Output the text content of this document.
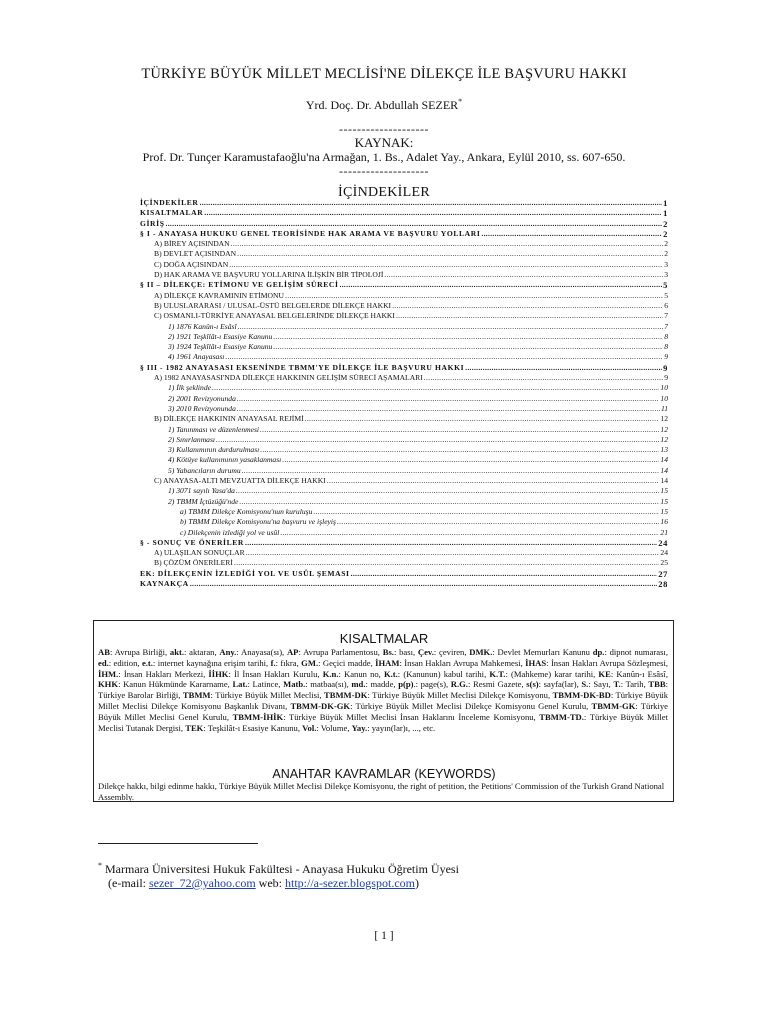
TÜRKİYE BÜYÜK MİLLET MECLİSİ'NE DİLEKÇE İLE BAŞVURU HAKKI
Yrd. Doç. Dr. Abdullah SEZER*
--------------------
KAYNAK:
Prof. Dr. Tunçer Karamustafaoğlu'na Armağan, 1. Bs., Adalet Yay., Ankara, Eylül 2010, ss. 607-650.
--------------------
İÇİNDEKİLER
İÇİNDEKİLER .....	1
KISALTMALAR .....	1
GİRİŞ .....	2
§ I - ANAYASA HUKUKU GENEL TEORİSİNDE HAK ARAMA VE BAŞVURU YOLLARI .....	2
A) BİREY AÇISINDAN .....	2
B) DEVLET AÇISINDAN .....	2
C) DOĞA AÇISINDAN .....	3
D) HAK ARAMA VE BAŞVURU YOLLARINA İLİŞKİN BİR TİPOLOJİ .....	3
§ II – DİLEKÇE: ETİMONU VE GELİŞİM SÜRECİ .....	5
A) DİLEKÇE KAVRAMININ ETİMONU .....	5
B) ULUSLARARASI / ULUSAL-ÜSTÜ BELGELERDE DİLEKÇE HAKKI .....	6
C) OSMANLI-TÜRKİYE ANAYASAL BELGELERİNDE DİLEKÇE HAKKI .....	7
1) 1876 Kanûn-ı Esâsî .....	7
2) 1921 Teşkîlât-ı Esasiye Kanunu .....	8
3) 1924 Teşkîlât-ı Esasiye Kanunu .....	8
4) 1961 Anayasası .....	9
§ III - 1982 ANAYASASI EKSENİNDE TBMM'YE DİLEKÇE İLE BAŞVURU HAKKI .....	9
A) 1982 ANAYASASI'NDA DİLEKÇE HAKKININ GELİŞİM SÜRECİ AŞAMALARI .....	9
1) İlk şeklinde .....	10
2) 2001 Revizyonunda .....	10
3) 2010 Revizyonunda .....	11
B) DİLEKÇE HAKKININ ANAYASAL REJİMİ .....	12
1) Tanınması ve düzenlenmesi .....	12
2) Sınırlanması .....	12
3) Kullanımının durdurulması .....	13
4) Kötüye kullanımının yasaklanması .....	14
5) Yabancıların durumu .....	14
C) ANAYASA-ALTI MEVZUATTA DİLEKÇE HAKKI .....	14
1) 3071 sayılı Yasa'da .....	15
2) TBMM İçtüzüğü'nde .....	15
a) TBMM Dilekçe Komisyonu'nun kuruluşu .....	15
b) TBMM Dilekçe Komisyonu'na başvuru ve işleyiş .....	16
c) Dilekçenin izlediği yol ve usûl .....	21
§ - SONUÇ VE ÖNERİLER .....	24
A) ULAŞILAN SONUÇLAR .....	24
B) ÇÖZÜM ÖNERİLERİ .....	25
EK: DİLEKÇENİN İZLEDİĞİ YOL VE USÛL ŞEMASI .....	27
KAYNAKÇA .....	28
KISALTMALAR
AB: Avrupa Birliği, akt.: aktaran, Any.: Anayasa(sı), AP: Avrupa Parlamentosu, Bs.: bası, Çev.: çeviren, DMK.: Devlet Memurları Kanunu dp.: dipnot numarası, ed.: edition, e.t.: internet kaynağına erişim tarihi, f.: fıkra, GM.: Geçici madde, İHAM: İnsan Hakları Avrupa Mahkemesi, İHAS: İnsan Hakları Avrupa Sözleşmesi, İHM.: İnsan Hakları Merkezi, İİHK: İl İnsan Hakları Kurulu, K.n.: Kanun no, K.t.: (Kanunun) kabul tarihi, K.T.: (Mahkeme) karar tarihi, KE: Kanûn-ı Esâsî, KHK: Kanun Hükmünde Kararname, Lat.: Latince, Matb.: matbaa(sı), md.: madde, p(p).: page(s), R.G.: Resmi Gazete, s(s): sayfa(lar), S.: Sayı, T.: Tarih, TBB: Türkiye Barolar Birliği, TBMM: Türkiye Büyük Millet Meclisi, TBMM-DK: Türkiye Büyük Millet Meclisi Dilekçe Komisyonu, TBMM-DK-BD: Türkiye Büyük Millet Meclisi Dilekçe Komisyonu Başkanlık Divanı, TBMM-DK-GK: Türkiye Büyük Millet Meclisi Dilekçe Komisyonu Genel Kurulu, TBMM-GK: Türkiye Büyük Millet Meclisi Genel Kurulu, TBMM-İHİK: Türkiye Büyük Millet Meclisi İnsan Haklarını İnceleme Komisyonu, TBMM-TD.: Türkiye Büyük Millet Meclisi Tutanak Dergisi, TEK: Teşkilât-ı Esasiye Kanunu, Vol.: Volume, Yay.: yayın(lar)ı, ..., etc.
ANAHTAR KAVRAMLAR (KEYWORDS)
Dilekçe hakkı, bilgi edinme hakkı, Türkiye Büyük Millet Meclisi Dilekçe Komisyonu, the right of petition, the Petitions' Commission of the Turkish Grand National Assembly.
* Marmara Üniversitesi Hukuk Fakültesi - Anayasa Hukuku Öğretim Üyesi
(e-mail: sezer_72@yahoo.com web: http://a-sezer.blogspot.com)
[ 1 ]
